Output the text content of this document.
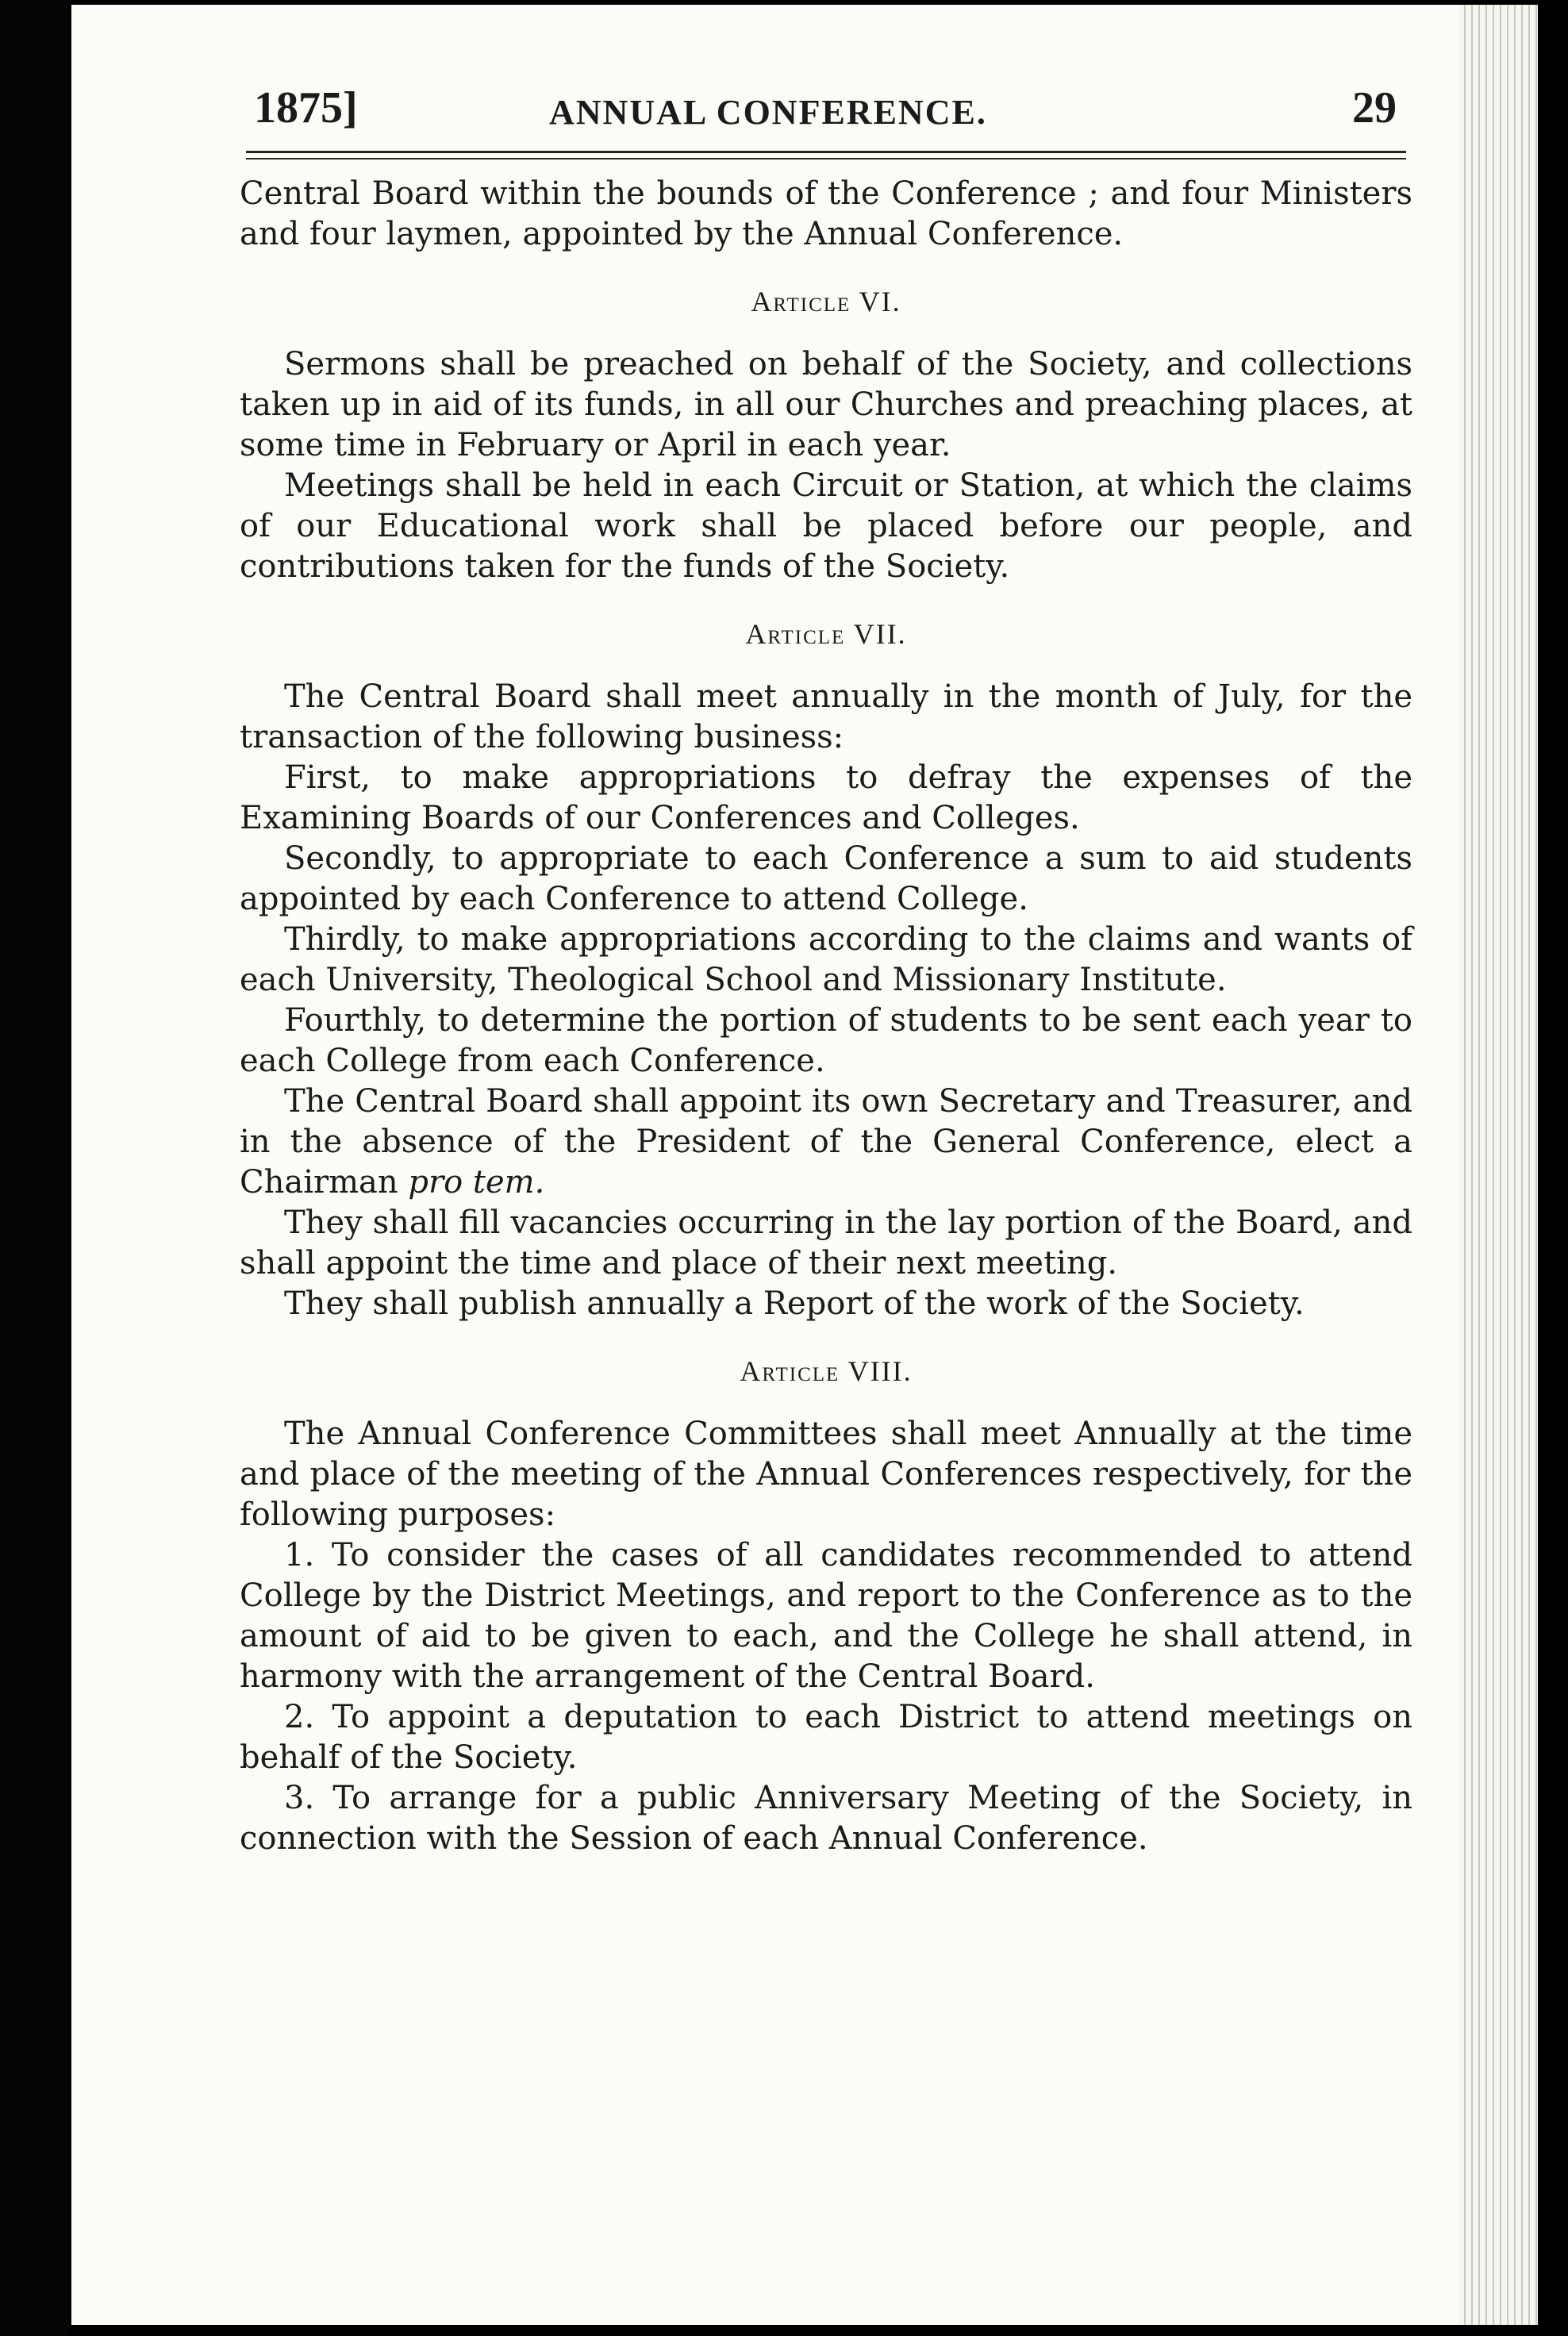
1875]	ANNUAL CONFERENCE.	29

Central Board within the bounds of the Conference ; and four Ministers and four laymen, appointed by the Annual Conference.

Article VI.

Sermons shall be preached on behalf of the Society, and collections taken up in aid of its funds, in all our Churches and preaching places, at some time in February or April in each year.

Meetings shall be held in each Circuit or Station, at which the claims of our Educational work shall be placed before our people, and contributions taken for the funds of the Society.

Article VII.

The Central Board shall meet annually in the month of July, for the transaction of the following business:

First, to make appropriations to defray the expenses of the Examining Boards of our Conferences and Colleges.

Secondly, to appropriate to each Conference a sum to aid students appointed by each Conference to attend College.

Thirdly, to make appropriations according to the claims and wants of each University, Theological School and Missionary Institute.

Fourthly, to determine the portion of students to be sent each year to each College from each Conference.

The Central Board shall appoint its own Secretary and Treasurer, and in the absence of the President of the General Conference, elect a Chairman pro tem.

They shall fill vacancies occurring in the lay portion of the Board, and shall appoint the time and place of their next meeting.

They shall publish annually a Report of the work of the Society.

Article VIII.

The Annual Conference Committees shall meet Annually at the time and place of the meeting of the Annual Conferences respectively, for the following purposes:

1. To consider the cases of all candidates recommended to attend College by the District Meetings, and report to the Conference as to the amount of aid to be given to each, and the College he shall attend, in harmony with the arrangement of the Central Board.

2. To appoint a deputation to each District to attend meetings on behalf of the Society.

3. To arrange for a public Anniversary Meeting of the Society, in connection with the Session of each Annual Conference.
